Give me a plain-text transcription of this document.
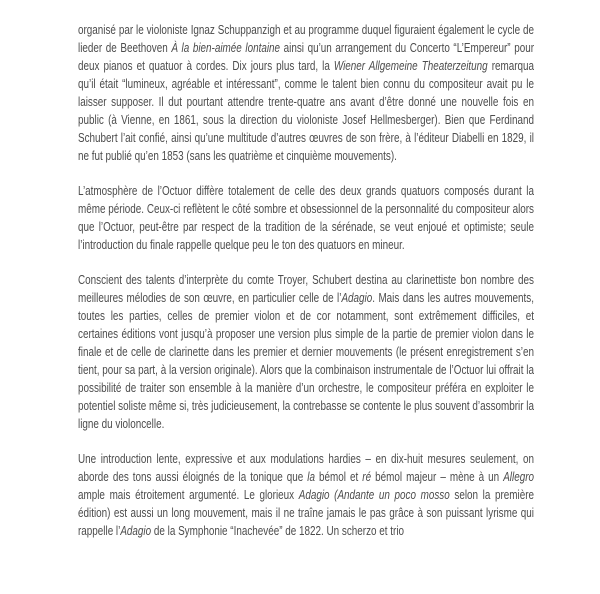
organisé par le violoniste Ignaz Schuppanzigh et au programme duquel figuraient également le cycle de lieder de Beethoven À la bien-aimée lontaine ainsi qu’un arrangement du Concerto “L’Empereur” pour deux pianos et quatuor à cordes. Dix jours plus tard, la Wiener Allgemeine Theaterzeitung remarqua qu’il était “lumineux, agréable et intéressant”, comme le talent bien connu du compositeur avait pu le laisser supposer. Il dut pourtant attendre trente-quatre ans avant d’être donné une nouvelle fois en public (à Vienne, en 1861, sous la direction du violoniste Josef Hellmesberger). Bien que Ferdinand Schubert l’ait confié, ainsi qu’une multitude d’autres œuvres de son frère, à l’éditeur Diabelli en 1829, il ne fut publié qu’en 1853 (sans les quatrième et cinquième mouvements).

L’atmosphère de l’Octuor diffère totalement de celle des deux grands quatuors composés durant la même période. Ceux-ci reflètent le côté sombre et obsessionnel de la personnalité du compositeur alors que l’Octuor, peut-être par respect de la tradition de la sérénade, se veut enjoué et optimiste; seule l’introduction du finale rappelle quelque peu le ton des quatuors en mineur.

Conscient des talents d’interprète du comte Troyer, Schubert destina au clarinettiste bon nombre des meilleures mélodies de son œuvre, en particulier celle de l’Adagio. Mais dans les autres mouvements, toutes les parties, celles de premier violon et de cor notamment, sont extrêmement difficiles, et certaines éditions vont jusqu’à proposer une version plus simple de la partie de premier violon dans le finale et de celle de clarinette dans les premier et dernier mouvements (le présent enregistrement s’en tient, pour sa part, à la version originale). Alors que la combinaison instrumentale de l’Octuor lui offrait la possibilité de traiter son ensemble à la manière d’un orchestre, le compositeur préféra en exploiter le potentiel soliste même si, très judicieusement, la contrebasse se contente le plus souvent d’assombrir la ligne du violoncelle.

Une introduction lente, expressive et aux modulations hardies – en dix-huit mesures seulement, on aborde des tons aussi éloignés de la tonique que la bémol et ré bémol majeur – mène à un Allegro ample mais étroitement argumenté. Le glorieux Adagio (Andante un poco mosso selon la première édition) est aussi un long mouvement, mais il ne traîne jamais le pas grâce à son puissant lyrisme qui rappelle l’Adagio de la Symphonie “Inachevée” de 1822. Un scherzo et trio
